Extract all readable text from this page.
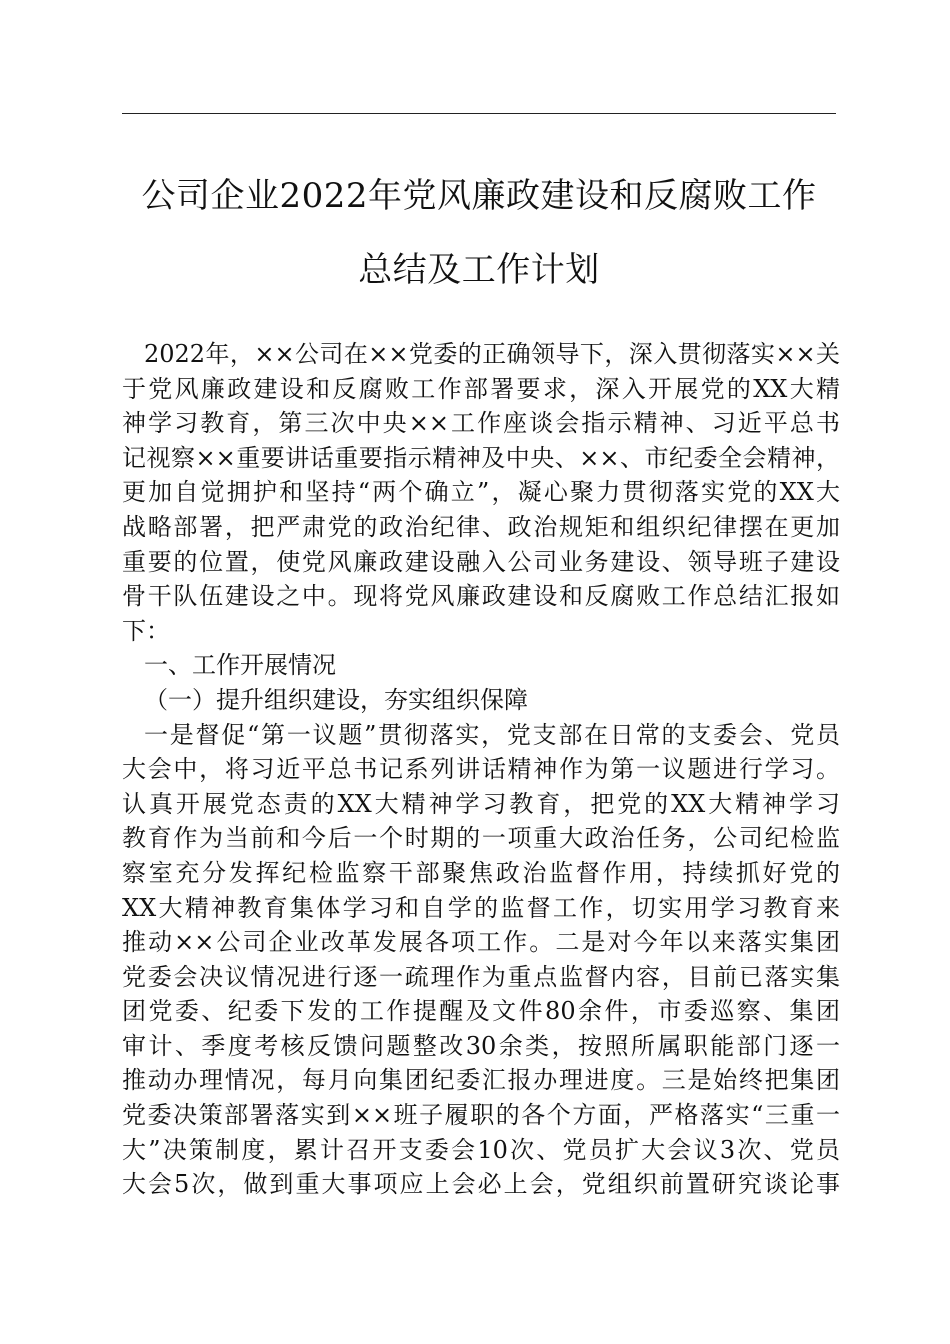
公司企业2022年党风廉政建设和反腐败工作
总结及工作计划
2022年，××公司在××党委的正确领导下，深入贯彻落实××关
于党风廉政建设和反腐败工作部署要求，深入开展党的XX大精
神学习教育，第三次中央××工作座谈会指示精神、习近平总书
记视察××重要讲话重要指示精神及中央、××、市纪委全会精神，
更加自觉拥护和坚持“两个确立”，凝心聚力贯彻落实党的XX大
战略部署，把严肃党的政治纪律、政治规矩和组织纪律摆在更加
重要的位置，使党风廉政建设融入公司业务建设、领导班子建设
骨干队伍建设之中。现将党风廉政建设和反腐败工作总结汇报如
下：
一、工作开展情况
（一）提升组织建设，夯实组织保障
一是督促“第一议题”贯彻落实，党支部在日常的支委会、党员
大会中，将习近平总书记系列讲话精神作为第一议题进行学习。
认真开展党态责的XX大精神学习教育，把党的XX大精神学习
教育作为当前和今后一个时期的一项重大政治任务，公司纪检监
察室充分发挥纪检监察干部聚焦政治监督作用，持续抓好党的
XX大精神教育集体学习和自学的监督工作，切实用学习教育来
推动××公司企业改革发展各项工作。二是对今年以来落实集团
党委会决议情况进行逐一疏理作为重点监督内容，目前已落实集
团党委、纪委下发的工作提醒及文件80余件，市委巡察、集团
审计、季度考核反馈问题整改30余类，按照所属职能部门逐一
推动办理情况，每月向集团纪委汇报办理进度。三是始终把集团
党委决策部署落实到××班子履职的各个方面，严格落实“三重一
大”决策制度，累计召开支委会10次、党员扩大会议3次、党员
大会5次，做到重大事项应上会必上会，党组织前置研究谈论事
